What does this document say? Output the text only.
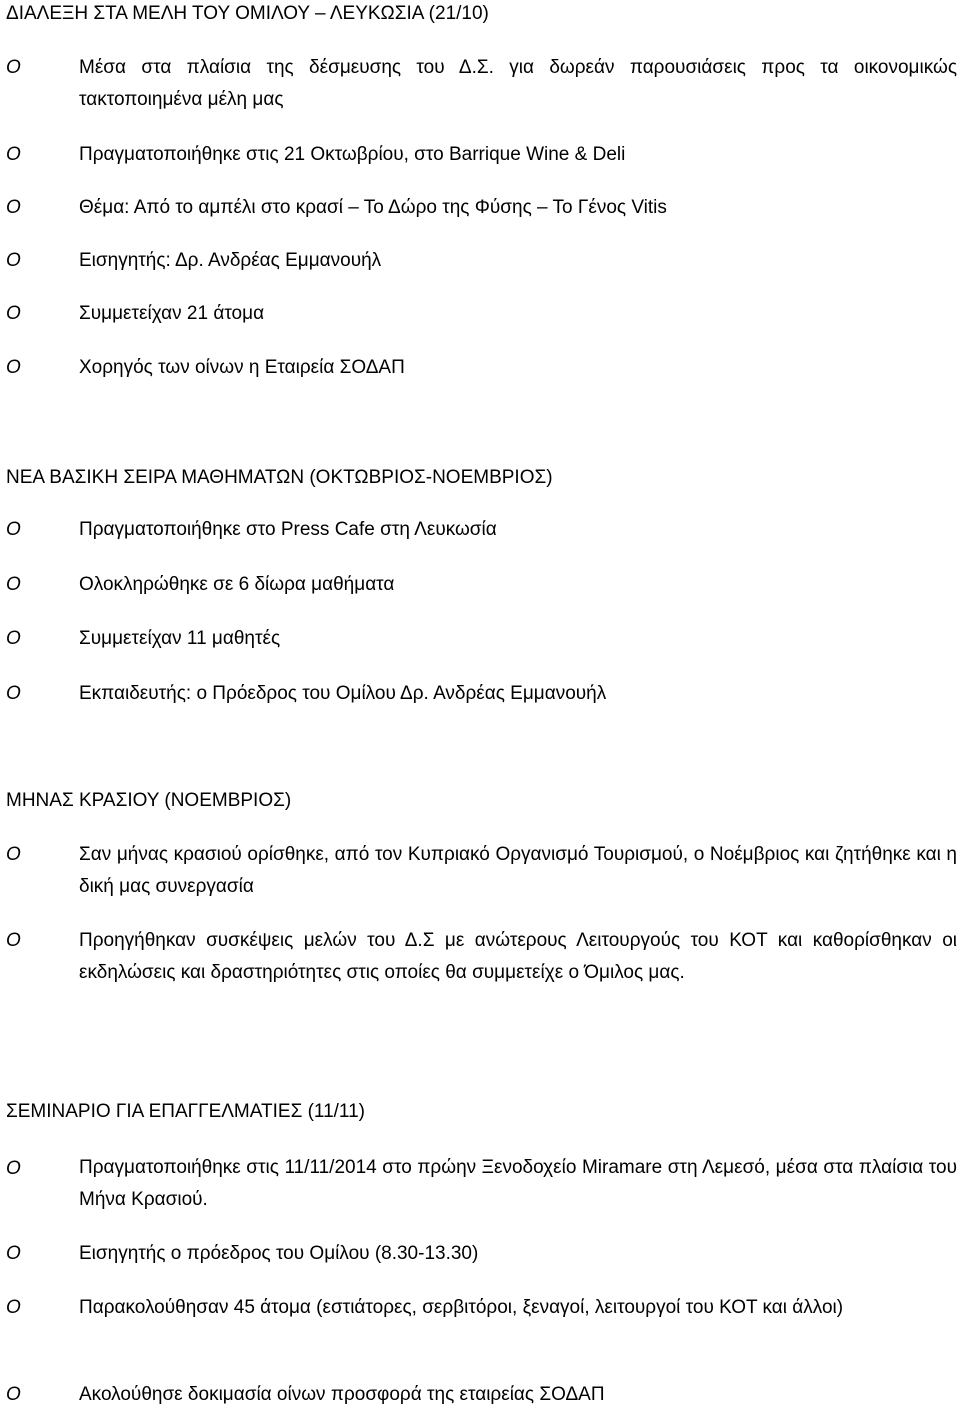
ΔΙΑΛΕΞΗ ΣΤΑ ΜΕΛΗ ΤΟΥ ΟΜΙΛΟΥ – ΛΕΥΚΩΣΙΑ (21/10)
O	Μέσα στα πλαίσια της δέσμευσης του Δ.Σ. για δωρεάν παρουσιάσεις προς τα οικονομικώς τακτοποιημένα μέλη μας
O	Πραγματοποιήθηκε στις 21 Οκτωβρίου, στο Barrique Wine & Deli
O	Θέμα: Από το αμπέλι στο κρασί – Το Δώρο της Φύσης – Το Γένος Vitis
O	Εισηγητής: Δρ. Ανδρέας Εμμανουήλ
O	Συμμετείχαν 21 άτομα
O	Χορηγός των οίνων η Εταιρεία ΣΟΔΑΠ
ΝΕΑ ΒΑΣΙΚΗ ΣΕΙΡΑ ΜΑΘΗΜΑΤΩΝ (ΟΚΤΩΒΡΙΟΣ-ΝΟΕΜΒΡΙΟΣ)
O	Πραγματοποιήθηκε στο Press Cafe στη Λευκωσία
O	Ολοκληρώθηκε σε 6 δίωρα μαθήματα
O	Συμμετείχαν 11 μαθητές
O	Εκπαιδευτής: ο Πρόεδρος του Ομίλου Δρ. Ανδρέας Εμμανουήλ
ΜΗΝΑΣ ΚΡΑΣΙΟΥ (ΝΟΕΜΒΡΙΟΣ)
O	Σαν μήνας κρασιού ορίσθηκε, από τον Κυπριακό Οργανισμό Τουρισμού, ο Νοέμβριος και ζητήθηκε και η δική μας συνεργασία
O	Προηγήθηκαν συσκέψεις μελών του Δ.Σ με ανώτερους Λειτουργούς του ΚΟΤ και καθορίσθηκαν οι εκδηλώσεις και δραστηριότητες στις οποίες θα συμμετείχε ο Όμιλος μας.
ΣΕΜΙΝΑΡΙΟ ΓΙΑ ΕΠΑΓΓΕΛΜΑΤΙΕΣ (11/11)
O	Πραγματοποιήθηκε στις 11/11/2014 στο πρώην Ξενοδοχείο Miramare στη Λεμεσό, μέσα στα πλαίσια του Μήνα Κρασιού.
O	Εισηγητής ο πρόεδρος του Ομίλου (8.30-13.30)
O	Παρακολούθησαν 45 άτομα (εστιάτορες, σερβιτόροι, ξεναγοί, λειτουργοί του ΚΟΤ και άλλοι)
O	Ακολούθησε δοκιμασία οίνων προσφορά της εταιρείας ΣΟΔΑΠ
